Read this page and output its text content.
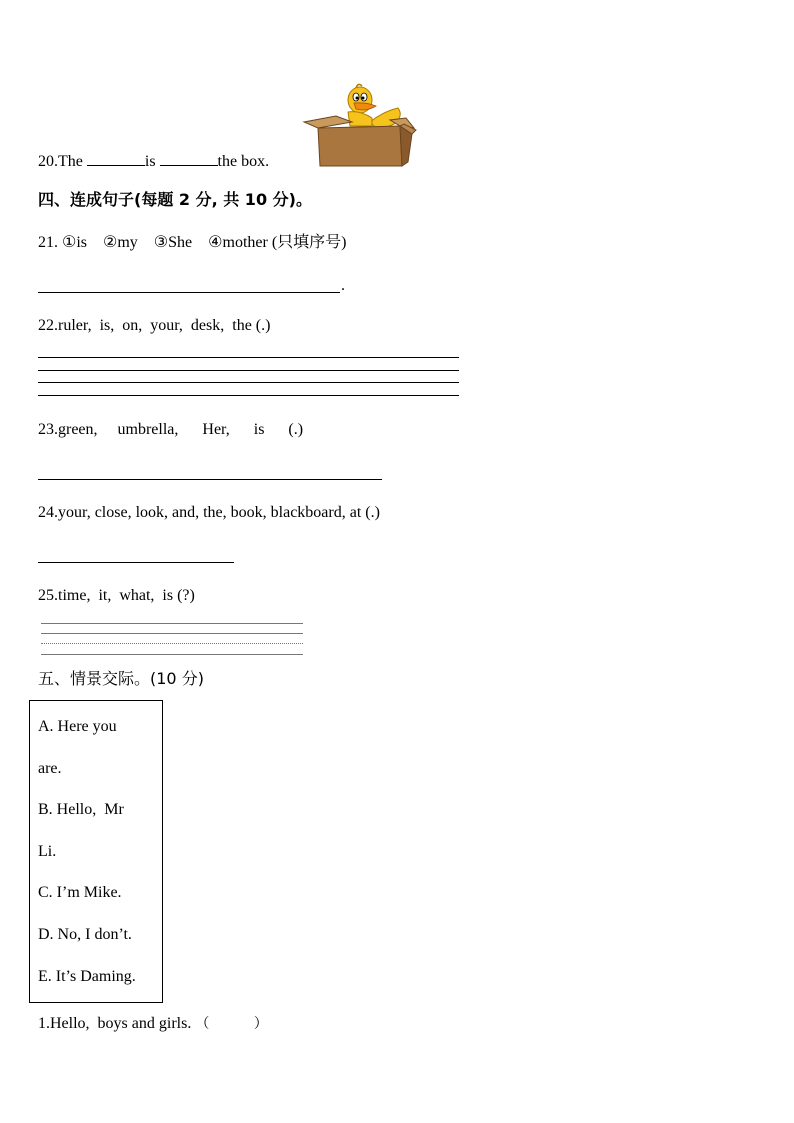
20.The	is	the box.
四、连成句子(每题 2 分, 共 10 分)。
21. ①is    ②my    ③She    ④mother (只填序号)
.
22.ruler,  is,  on,  your,  desk,  the (.)
23.green,     umbrella,      Her,      is      (.)
24.your, close, look, and, the, book, blackboard, at (.)
25.time,  it,  what,  is (?)
五、情景交际。(10 分)
A. Here you
are.
B. Hello,  Mr
Li.
C. I’m Mike.
D. No, I don’t.
E. It’s Daming.
1.Hello,  boys and girls. （          ）
